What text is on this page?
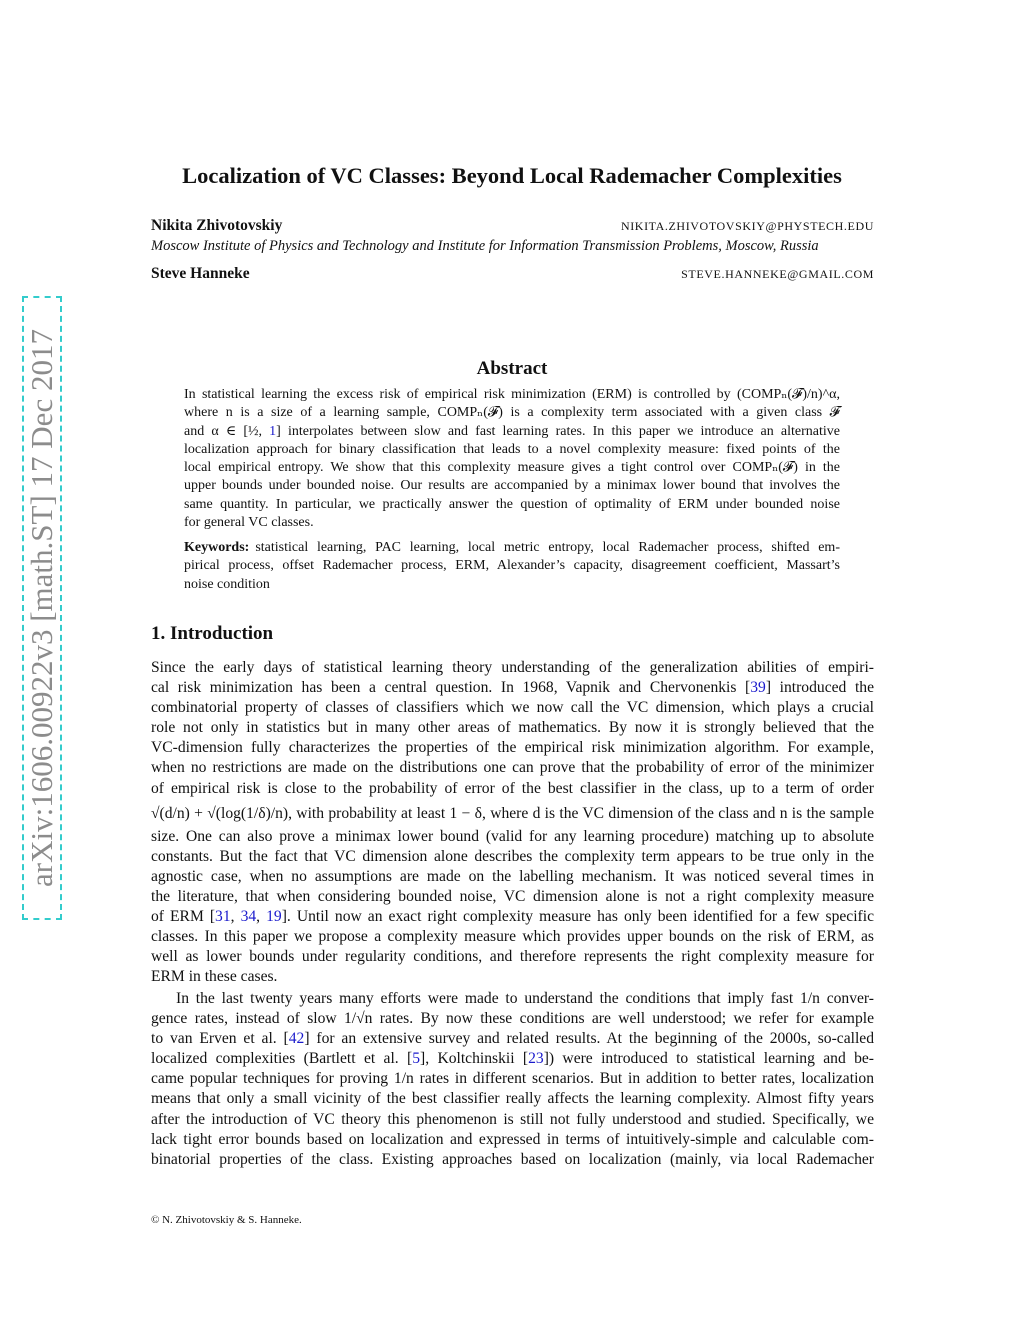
arXiv:1606.00922v3 [math.ST] 17 Dec 2017
Localization of VC Classes: Beyond Local Rademacher Complexities
Nikita Zhivotovskiy	NIKITA.ZHIVOTOVSKIY@PHYSTECH.EDU
Moscow Institute of Physics and Technology and Institute for Information Transmission Problems, Moscow, Russia
Steve Hanneke	STEVE.HANNEKE@GMAIL.COM
Abstract
In statistical learning the excess risk of empirical risk minimization (ERM) is controlled by (COMPₙ(𝓕)/n)^α,
where n is a size of a learning sample, COMPₙ(𝓕) is a complexity term associated with a given class 𝓕
and α ∈ [½, 1] interpolates between slow and fast learning rates. In this paper we introduce an alternative
localization approach for binary classification that leads to a novel complexity measure: fixed points of the
local empirical entropy. We show that this complexity measure gives a tight control over COMPₙ(𝓕) in the
upper bounds under bounded noise. Our results are accompanied by a minimax lower bound that involves the
same quantity. In particular, we practically answer the question of optimality of ERM under bounded noise
for general VC classes.
Keywords: statistical learning, PAC learning, local metric entropy, local Rademacher process, shifted em-
pirical process, offset Rademacher process, ERM, Alexander’s capacity, disagreement coefficient, Massart’s
noise condition
1. Introduction
Since the early days of statistical learning theory understanding of the generalization abilities of empiri-
cal risk minimization has been a central question. In 1968, Vapnik and Chervonenkis [39] introduced the
combinatorial property of classes of classifiers which we now call the VC dimension, which plays a crucial
role not only in statistics but in many other areas of mathematics. By now it is strongly believed that the
VC-dimension fully characterizes the properties of the empirical risk minimization algorithm. For example,
when no restrictions are made on the distributions one can prove that the probability of error of the minimizer
of empirical risk is close to the probability of error of the best classifier in the class, up to a term of order
√(d/n) + √(log(1/δ)/n), with probability at least 1 − δ, where d is the VC dimension of the class and n is the sample
size. One can also prove a minimax lower bound (valid for any learning procedure) matching up to absolute
constants. But the fact that VC dimension alone describes the complexity term appears to be true only in the
agnostic case, when no assumptions are made on the labelling mechanism. It was noticed several times in
the literature, that when considering bounded noise, VC dimension alone is not a right complexity measure
of ERM [31, 34, 19]. Until now an exact right complexity measure has only been identified for a few specific
classes. In this paper we propose a complexity measure which provides upper bounds on the risk of ERM, as
well as lower bounds under regularity conditions, and therefore represents the right complexity measure for
ERM in these cases.
In the last twenty years many efforts were made to understand the conditions that imply fast 1/n conver-
gence rates, instead of slow 1/√n rates. By now these conditions are well understood; we refer for example
to van Erven et al. [42] for an extensive survey and related results. At the beginning of the 2000s, so-called
localized complexities (Bartlett et al. [5], Koltchinskii [23]) were introduced to statistical learning and be-
came popular techniques for proving 1/n rates in different scenarios. But in addition to better rates, localization
means that only a small vicinity of the best classifier really affects the learning complexity. Almost fifty years
after the introduction of VC theory this phenomenon is still not fully understood and studied. Specifically, we
lack tight error bounds based on localization and expressed in terms of intuitively-simple and calculable com-
binatorial properties of the class. Existing approaches based on localization (mainly, via local Rademacher
© N. Zhivotovskiy & S. Hanneke.
